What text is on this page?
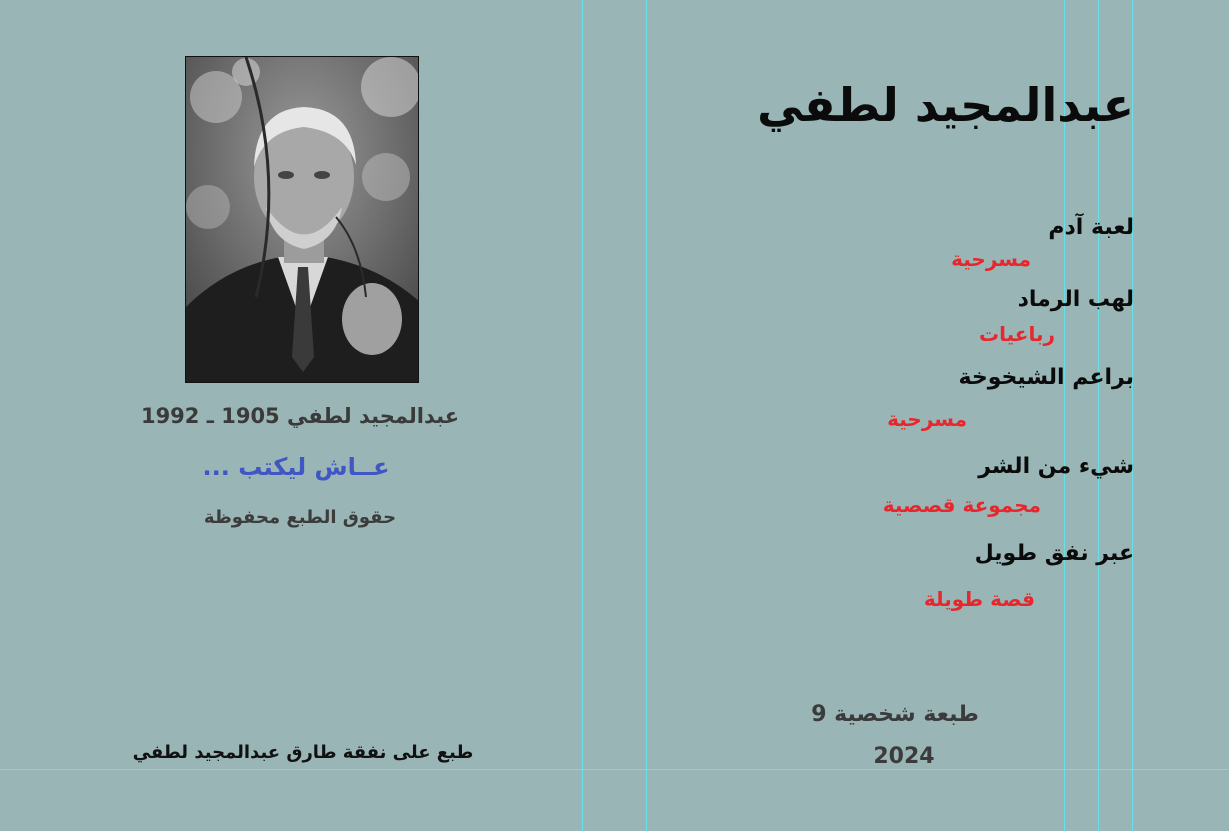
عبدالمجيد لطفي 1905 ـ 1992
عــاش ليكتب ...
حقوق الطبع محفوظة
طبع على نفقة طارق عبدالمجيد لطفي
عبدالمجيد لطفي
لعبة آدم
مسرحية
لهب الرماد
رباعيات
براعم الشيخوخة
مسرحية
شيء من الشر
مجموعة قصصية
عبر نفق طويل
قصة طويلة
طبعة شخصية 9
2024
